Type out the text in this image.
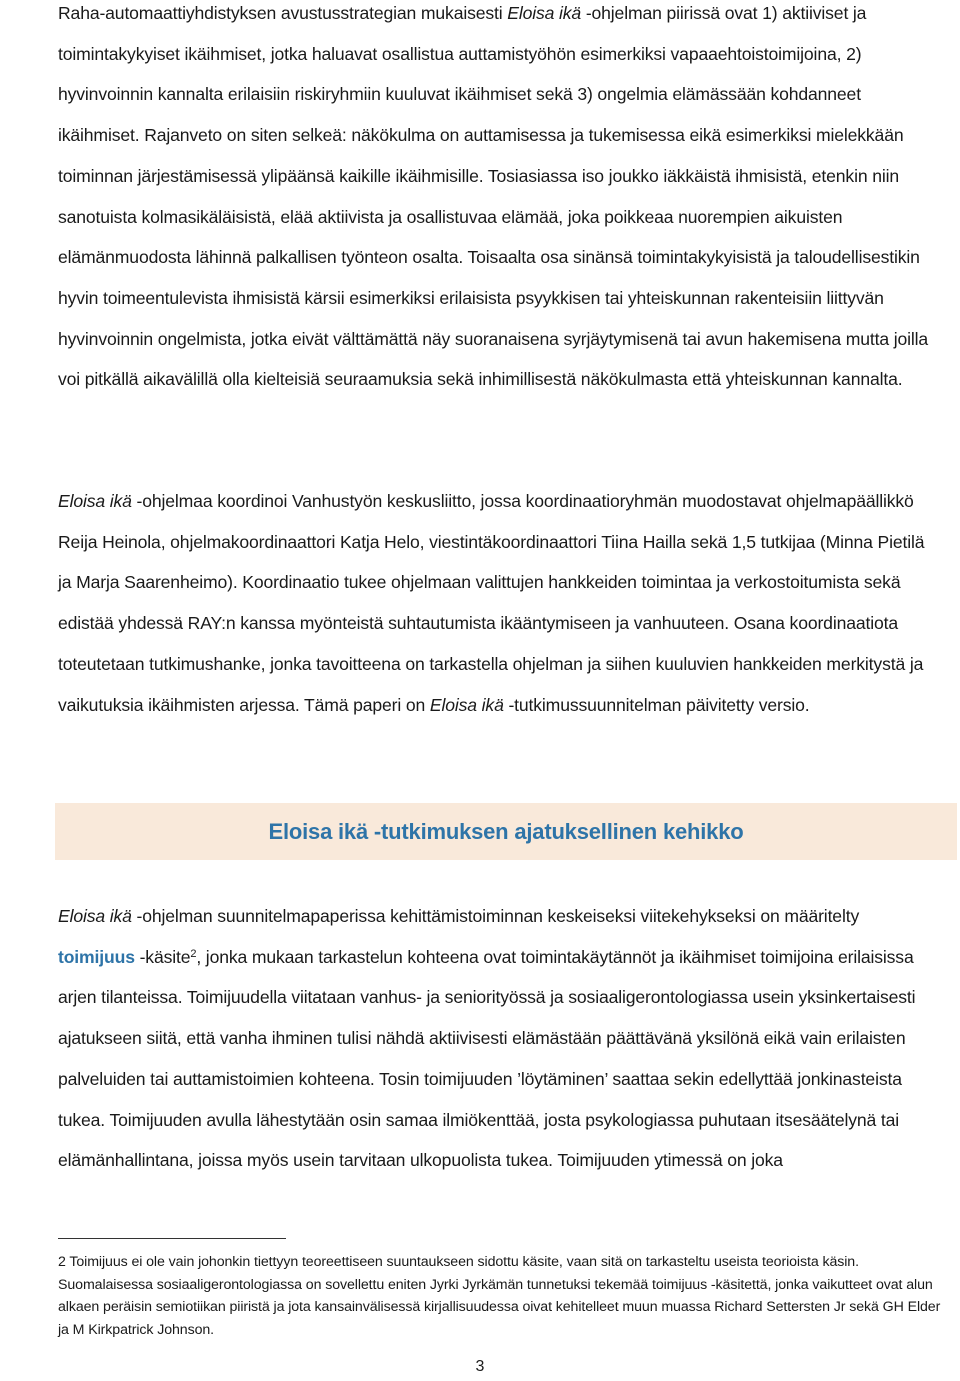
Raha-automaattiyhdistyksen avustusstrategian mukaisesti Eloisa ikä -ohjelman piirissä ovat 1) aktiiviset ja toimintakykyiset ikäihmiset, jotka haluavat osallistua auttamistyöhön esimerkiksi vapaaehtoistoimijoina, 2) hyvinvoinnin kannalta erilaisiin riskiryhmiin kuuluvat ikäihmiset sekä 3) ongelmia elämässään kohdanneet ikäihmiset. Rajanveto on siten selkeä: näkökulma on auttamisessa ja tukemisessa eikä esimerkiksi mielekkään toiminnan järjestämisessä ylipäänsä kaikille ikäihmisille. Tosiasiassa iso joukko iäkkäistä ihmisistä, etenkin niin sanotuista kolmasikäläisistä, elää aktiivista ja osallistuvaa elämää, joka poikkeaa nuorempien aikuisten elämänmuodosta lähinnä palkallisen työnteon osalta. Toisaalta osa sinänsä toimintakykyisistä ja taloudellisestikin hyvin toimeentulevista ihmisistä kärsii esimerkiksi erilaisista psyykkisen tai yhteiskunnan rakenteisiin liittyvän hyvinvoinnin ongelmista, jotka eivät välttämättä näy suoranaisena syrjäytymisenä tai avun hakemisena mutta joilla voi pitkällä aikavälillä olla kielteisiä seuraamuksia sekä inhimillisestä näkökulmasta että yhteiskunnan kannalta.

Eloisa ikä -ohjelmaa koordinoi Vanhustyön keskusliitto, jossa koordinaatioryhmän muodostavat ohjelmapäällikkö Reija Heinola, ohjelmakoordinaattori Katja Helo, viestintäkoordinaattori Tiina Hailla sekä 1,5 tutkijaa (Minna Pietilä ja Marja Saarenheimo). Koordinaatio tukee ohjelmaan valittujen hankkeiden toimintaa ja verkostoitumista sekä edistää yhdessä RAY:n kanssa myönteistä suhtautumista ikääntymiseen ja vanhuuteen. Osana koordinaatiota toteutetaan tutkimushanke, jonka tavoitteena on tarkastella ohjelman ja siihen kuuluvien hankkeiden merkitystä ja vaikutuksia ikäihmisten arjessa. Tämä paperi on Eloisa ikä -tutkimussuunnitelman päivitetty versio.

Eloisa ikä -ohjelman suunnitelmapaperissa kehittämistoiminnan keskeiseksi viitekehykseksi on määritelty toimijuus -käsite$^2$, jonka mukaan tarkastelun kohteena ovat toimintakäytännöt ja ikäihmiset toimijoina erilaisissa arjen tilanteissa. Toimijuudella viitataan vanhus- ja seniorityössä ja sosiaaligerontologiassa usein yksinkertaisesti ajatukseen siitä, että vanha ihminen tulisi nähdä aktiivisesti elämästään päättävänä yksilönä eikä vain erilaisten palveluiden tai auttamistoimien kohteena. Tosin toimijuuden ’löytäminen’ saattaa sekin edellyttää jonkinasteista tukea. Toimijuuden avulla lähestytään osin samaa ilmiökenttää, josta psykologiassa puhutaan itsesäätelynä tai elämänhallintana, joissa myös usein tarvitaan ulkopuolista tukea. Toimijuuden ytimessä on joka

Eloisa ikä -tutkimuksen ajatuksellinen kehikko

2 Toimijuus ei ole vain johonkin tiettyyn teoreettiseen suuntaukseen sidottu käsite, vaan sitä on tarkasteltu useista teorioista käsin. Suomalaisessa sosiaaligerontologiassa on sovellettu eniten Jyrki Jyrkämän tunnetuksi tekemää toimijuus -käsitettä, jonka vaikutteet ovat alun alkaen peräisin semiotiikan piiristä ja jota kansainvälisessä kirjallisuudessa oivat kehitelleet muun muassa Richard Settersten Jr sekä GH Elder ja M Kirkpatrick Johnson.

3
